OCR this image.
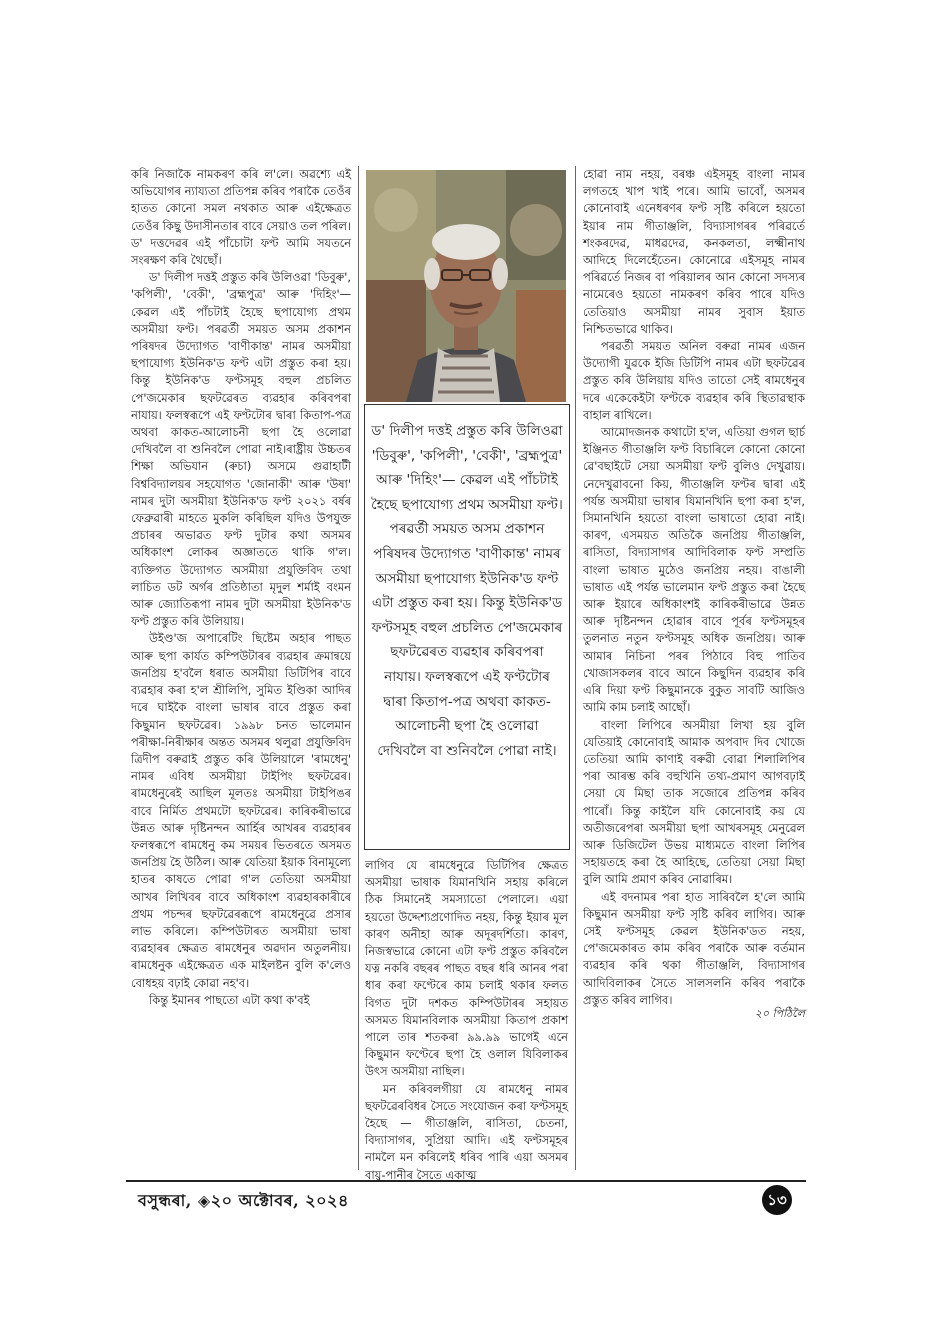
কৰি নিজাকৈ নামকৰণ কৰি ল'লে। অৱশ্যে এই অভিযোগৰ ন্যায্যতা প্ৰতিপন্ন কৰিব পৰাকৈ তেওঁৰ হাতত কোনো সমল নথকাত আৰু এইক্ষেত্ৰত তেওঁৰ কিছু উদাসীনতাৰ বাবে সেয়াও তল পৰিল। ড' দত্তদেৱৰ এই পাঁচোটা ফণ্ট আমি সযতনে সংৰক্ষণ কৰি থৈছোঁ।

ড' দিলীপ দত্তই প্ৰস্তুত কৰি উলিওৱা 'ডিবুৰু', 'কপিলী', 'বেকী', 'ব্ৰহ্মপুত্ৰ' আৰু 'দিহিং'— কেৱল এই পাঁচটাই হৈছে ছপাযোগ্য প্ৰথম অসমীয়া ফণ্ট। পৰৱৰ্তী সময়ত অসম প্ৰকাশন পৰিষদৰ উদ্যোগত 'বাণীকান্ত' নামৰ অসমীয়া ছপাযোগ্য ইউনিক'ড ফণ্ট এটা প্ৰস্তুত কৰা হয়। কিন্তু ইউনিক'ড ফণ্টসমূহ বহুল প্ৰচলিত পে'জমেকাৰ ছফটৱেৰত ব্যৱহাৰ কৰিবপৰা নাযায়। ফলস্বৰূপে এই ফণ্টটোৰ দ্বাৰা কিতাপ-পত্ৰ অথবা কাকত-আলোচনী ছপা হৈ ওলোৱা দেখিবলৈ বা শুনিবলৈ পোৱা নাই।ৰাষ্ট্ৰীয় উচ্চতৰ শিক্ষা অভিযান (ৰুচা) অসমে গুৱাহাটী বিশ্ববিদ্যালয়ৰ সহযোগত 'জোনাকী' আৰু 'উষা' নামৰ দুটা অসমীয়া ইউনিক'ড ফণ্ট ২০২১ বৰ্ষৰ ফেব্ৰুৱাৰী মাহতে মুকলি কৰিছিল যদিও উপযুক্ত প্ৰচাৰৰ অভাৱত ফণ্ট দুটাৰ কথা অসমৰ অধিকাংশ লোকৰ অজ্ঞাততে থাকি গ'ল। ব্যক্তিগত উদ্যোগত অসমীয়া প্ৰযুক্তিবিদ তথা লাচিত ডট অৰ্গৰ প্ৰতিষ্ঠাতা মৃদুল শৰ্মাই বংমন আৰু জ্যোতিৰূপা নামৰ দুটা অসমীয়া ইউনিক'ড ফণ্ট প্ৰস্তুত কৰি উলিয়ায়।

উইণ্ড'জ অপাৰেটিং ছিষ্টেম অহাৰ পাছত আৰু ছপা কাৰ্যত কম্পিউটাৰৰ ব্যৱহাৰ ক্ৰমান্বয়ে জনপ্ৰিয় হ'বলৈ ধৰাত অসমীয়া ডিটিপিৰ বাবে ব্যৱহাৰ কৰা হ'ল শ্ৰীলিপি, সুমিত ইণ্ডিকা আদিৰ দৰে ঘাইকৈ বাংলা ভাষাৰ বাবে প্ৰস্তুত কৰা কিছুমান ছফটৱেৰ। ১৯৯৮ চনত ভালেমান পৰীক্ষা-নিৰীক্ষাৰ অন্তত অসমৰ থলুৱা প্ৰযুক্তিবিদ ত্ৰিদীপ বৰুৱাই প্ৰস্তুত কৰি উলিয়ালে 'ৰামধেনু' নামৰ এবিধ অসমীয়া টাইপিং ছফটৱেৰ। ৰামধেনুৰেই আছিল মূলতঃ অসমীয়া টাইপিঙৰ বাবে নিৰ্মিত প্ৰথমটো ছফটৱেৰ। কাৰিকৰীভাৱে উন্নত আৰু দৃষ্টিনন্দন আৰ্হিৰ আখৰৰ ব্যৱহাৰৰ ফলস্বৰূপে ৰামধেনু কম সময়ৰ ভিতৰতে অসমত জনপ্ৰিয় হৈ উঠিল। আৰু যেতিয়া ইয়াক বিনামূল্যে হাতৰ কাষতে পোৱা গ'ল তেতিয়া অসমীয়া আখৰ লিখিবৰ বাবে অধিকাংশ ব্যৱহাৰকাৰীৰে প্ৰথম পচন্দৰ ছফটৱেৰৰূপে ৰামধেনুৱে প্ৰসাৰ লাভ কৰিলে। কম্পিউটাৰত অসমীয়া ভাষা ব্যৱহাৰৰ ক্ষেত্ৰত ৰামধেনুৰ অৱদান অতুলনীয়। ৰামধেনুক এইক্ষেত্ৰত এক মাইলষ্টন বুলি ক'লেও বোধহয় বঢ়াই কোৱা নহ'ব।

কিন্তু ইমানৰ পাছতো এটা কথা ক'বই

ড' দিলীপ দত্তই প্ৰস্তুত কৰি উলিওৱা 'ডিবুৰু', 'কপিলী', 'বেকী', 'ব্ৰহ্মপুত্ৰ' আৰু 'দিহিং'— কেৱল এই পাঁচটাই হৈছে ছপাযোগ্য প্ৰথম অসমীয়া ফণ্ট। পৰৱৰ্তী সময়ত অসম প্ৰকাশন পৰিষদৰ উদ্যোগত 'বাণীকান্ত' নামৰ অসমীয়া ছপাযোগ্য ইউনিক'ড ফণ্ট এটা প্ৰস্তুত কৰা হয়। কিন্তু ইউনিক'ড ফণ্টসমূহ বহুল প্ৰচলিত পে'জমেকাৰ ছফটৱেৰত ব্যৱহাৰ কৰিবপৰা নাযায়। ফলস্বৰূপে এই ফণ্টটোৰ দ্বাৰা কিতাপ-পত্ৰ অথবা কাকত-আলোচনী ছপা হৈ ওলোৱা দেখিবলৈ বা শুনিবলৈ পোৱা নাই।

লাগিব যে ৰামধেনুৱে ডিটিপিৰ ক্ষেত্ৰত অসমীয়া ভাষাক যিমানখিনি সহায় কৰিলে ঠিক সিমানেই সমস্যাতো পেলালে। এয়া হয়তো উদ্দেশ্যপ্ৰণোদিত নহয়, কিন্তু ইয়াৰ মূল কাৰণ অনীহা আৰু অদূৰদৰ্শিতা। কাৰণ, নিজস্বভাৱে কোনো এটা ফণ্ট প্ৰস্তুত কৰিবলৈ যত্ন নকৰি বছৰৰ পাছত বছৰ ধৰি আনৰ পৰা ধাৰ কৰা ফণ্টেৰে কাম চলাই থকাৰ ফলত বিগত দুটা দশকত কম্পিউটাৰৰ সহায়ত অসমত যিমানবিলাক অসমীয়া কিতাপ প্ৰকাশ পালে তাৰ শতকৰা ৯৯.৯৯ ভাগেই এনে কিছুমান ফণ্টেৰে ছপা হৈ ওলাল যিবিলাকৰ উৎস অসমীয়া নাছিল।

মন কৰিবলগীয়া যে ৰামধেনু নামৰ ছফটৱেৰবিধৰ সৈতে সংযোজন কৰা ফণ্টসমূহ হৈছে — গীতাঞ্জলি, ৰাসিতা, চেতনা, বিদ্যাসাগৰ, সুপ্ৰিয়া আদি। এই ফণ্টসমূহৰ নামলৈ মন কৰিলেই ধৰিব পাৰি এয়া অসমৰ বায়ু-পানীৰ সৈতে একাত্ম

হোৱা নাম নহয়, বৰঞ্চ এইসমূহ বাংলা নামৰ লগতহে খাপ খাই পৰে। আমি ভাবোঁ, অসমৰ কোনোবাই এনেধৰণৰ ফণ্ট সৃষ্টি কৰিলে হয়তো ইয়াৰ নাম গীতাঞ্জলি, বিদ্যাসাগৰৰ পৰিৱৰ্তে শংকৰদেৱ, মাধৱদেৱ, কনকলতা, লক্ষ্মীনাথ আদিহে দিলেহেঁতেন। কোনোৱে এইসমূহ নামৰ পৰিৱৰ্তে নিজৰ বা পৰিয়ালৰ আন কোনো সদস্যৰ নামেৰেও হয়তো নামকৰণ কৰিব পাৰে যদিও তেতিয়াও অসমীয়া নামৰ সুবাস ইয়াত নিশ্চিতভাৱে থাকিব।

পৰৱৰ্তী সময়ত অনিল বৰুৱা নামৰ এজন উদ্যোগী যুৱকে ইজি ডিটিপি নামৰ এটা ছফটৱেৰ প্ৰস্তুত কৰি উলিয়ায় যদিও তাতো সেই ৰামধেনুৰ দৰে একেকেইটা ফণ্টকে ব্যৱহাৰ কৰি স্থিতাৱস্থাক বাহাল ৰাখিলে।

আমোদজনক কথাটো হ'ল, এতিয়া গুগল ছাৰ্চ ইঞ্জিনত গীতাঞ্জলি ফণ্ট বিচাৰিলে কোনো কোনো ৱে'বছাইটে সেয়া অসমীয়া ফণ্ট বুলিও দেখুৱায়। নেদেখুৱাবনো কিয়, গীতাঞ্জলি ফণ্টৰ দ্বাৰা এই পৰ্যন্ত অসমীয়া ভাষাৰ যিমানখিনি ছপা কৰা হ'ল, সিমানখিনি হয়তো বাংলা ভাষাতো হোৱা নাই। কাৰণ, এসময়ত অতিকৈ জনপ্ৰিয় গীতাঞ্জলি, ৰাসিতা, বিদ্যাসাগৰ আদিবিলাক ফণ্ট সম্প্ৰতি বাংলা ভাষাত মুঠেও জনপ্ৰিয় নহয়। বাঙালী ভাষাত এই পৰ্যন্ত ভালেমান ফণ্ট প্ৰস্তুত কৰা হৈছে আৰু ইয়াৰে অধিকাংশই কাৰিকৰীভাৱে উন্নত আৰু দৃষ্টিনন্দন হোৱাৰ বাবে পূৰ্বৰ ফণ্টসমূহৰ তুলনাত নতুন ফণ্টসমূহ অধিক জনপ্ৰিয়। আৰু আমাৰ নিচিনা পৰৰ পিঠাবে বিহু পাতিব খোজাসকলৰ বাবে আনে কিছুদিন ব্যৱহাৰ কৰি এৰি দিয়া ফণ্ট কিছুমানকে বুকুত সাবটি আজিও আমি কাম চলাই আছোঁ।

বাংলা লিপিৰে অসমীয়া লিখা হয় বুলি যেতিয়াই কোনোবাই আমাক অপবাদ দিব খোজে তেতিয়া আমি কাণাই বৰুৱী বোৱা শিলালিপিৰ পৰা আৰম্ভ কৰি বহুখিনি তথ্য-প্ৰমাণ আগবঢ়াই সেয়া যে মিছা তাক সজোৰে প্ৰতিপন্ন কৰিব পাৰোঁ। কিন্তু কাইলৈ যদি কোনোবাই কয় যে অতীজৰেপৰা অসমীয়া ছপা আখৰসমূহ মেনুৱেল আৰু ডিজিটেল উভয় মাধ্যমতে বাংলা লিপিৰ সহায়তহে কৰা হৈ আহিছে, তেতিয়া সেয়া মিছা বুলি আমি প্ৰমাণ কৰিব নোৱাৰিম।

এই বদনামৰ পৰা হাত সাৰিবলৈ হ'লে আমি কিছুমান অসমীয়া ফণ্ট সৃষ্টি কৰিব লাগিব। আৰু সেই ফণ্টসমূহ কেৱল ইউনিক'ডত নহয়, পে'জমেকাৰত কাম কৰিব পৰাকৈ আৰু বৰ্তমান ব্যৱহাৰ কৰি থকা গীতাঞ্জলি, বিদ্যাসাগৰ আদিবিলাকৰ সৈতে সালসলনি কৰিব পৰাকৈ প্ৰস্তুত কৰিব লাগিব।

২০ পিঠিলৈ
বসুন্ধৰা, ◈২০ অক্টোবৰ, ২০২৪	১৩
